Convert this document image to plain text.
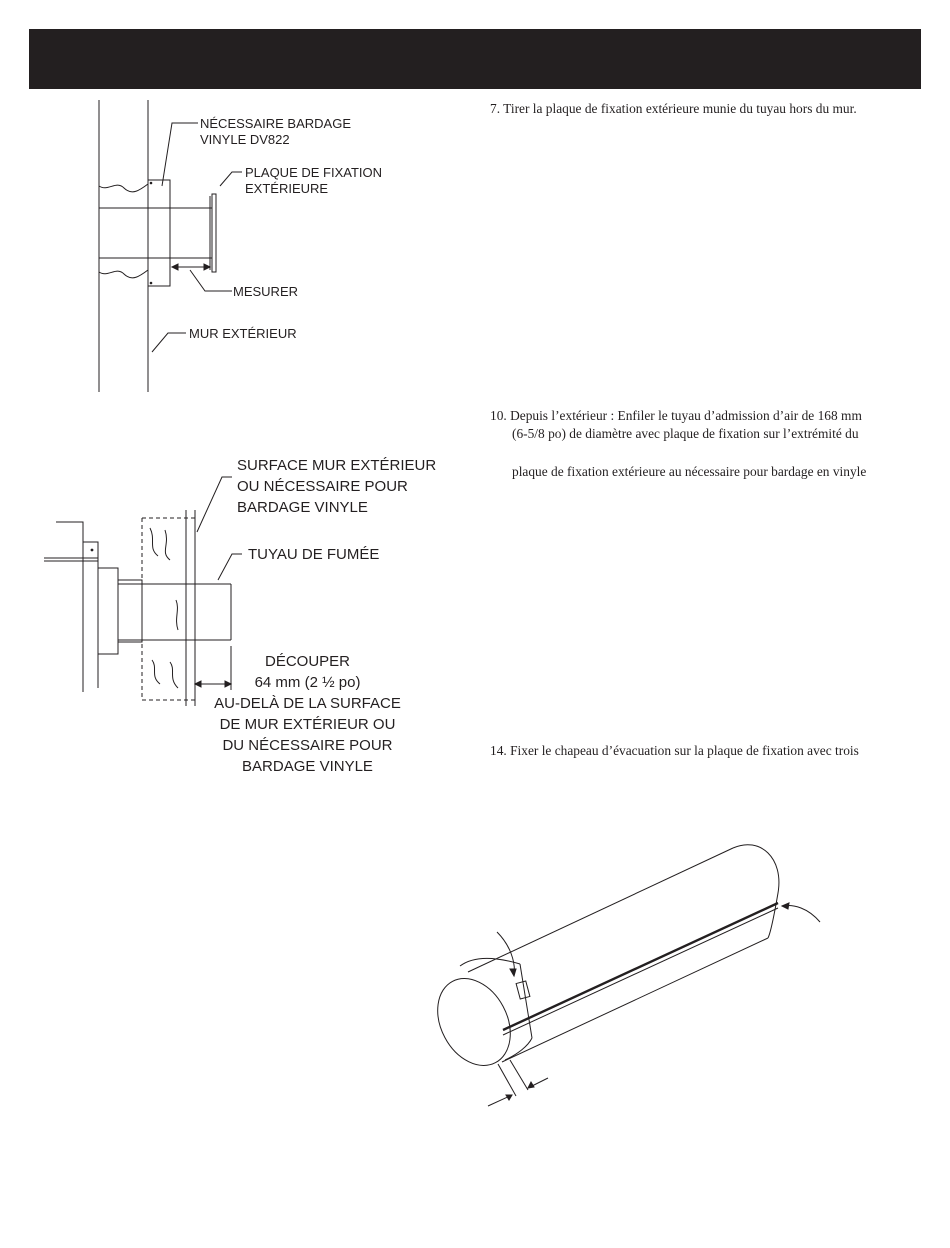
NÉCESSAIRE BARDAGE
VINYLE DV822
PLAQUE DE FIXATION
EXTÉRIEURE
MESURER
MUR EXTÉRIEUR
SURFACE MUR EXTÉRIEUR
OU NÉCESSAIRE POUR
BARDAGE VINYLE
TUYAU DE FUMÉE
DÉCOUPER
64 mm (2 ½ po)
AU-DELÀ DE LA SURFACE
DE MUR EXTÉRIEUR OU
DU NÉCESSAIRE POUR
BARDAGE VINYLE
7. Tirer la plaque de fixation extérieure munie du tuyau hors du mur.
10. Depuis l’extérieur : Enfiler le tuyau d’admission d’air de 168 mm
(6-5/8 po) de diamètre avec plaque de fixation sur l’extrémité du
plaque de fixation extérieure au nécessaire pour bardage en vinyle
14. Fixer le chapeau d’évacuation sur la plaque de fixation avec trois
